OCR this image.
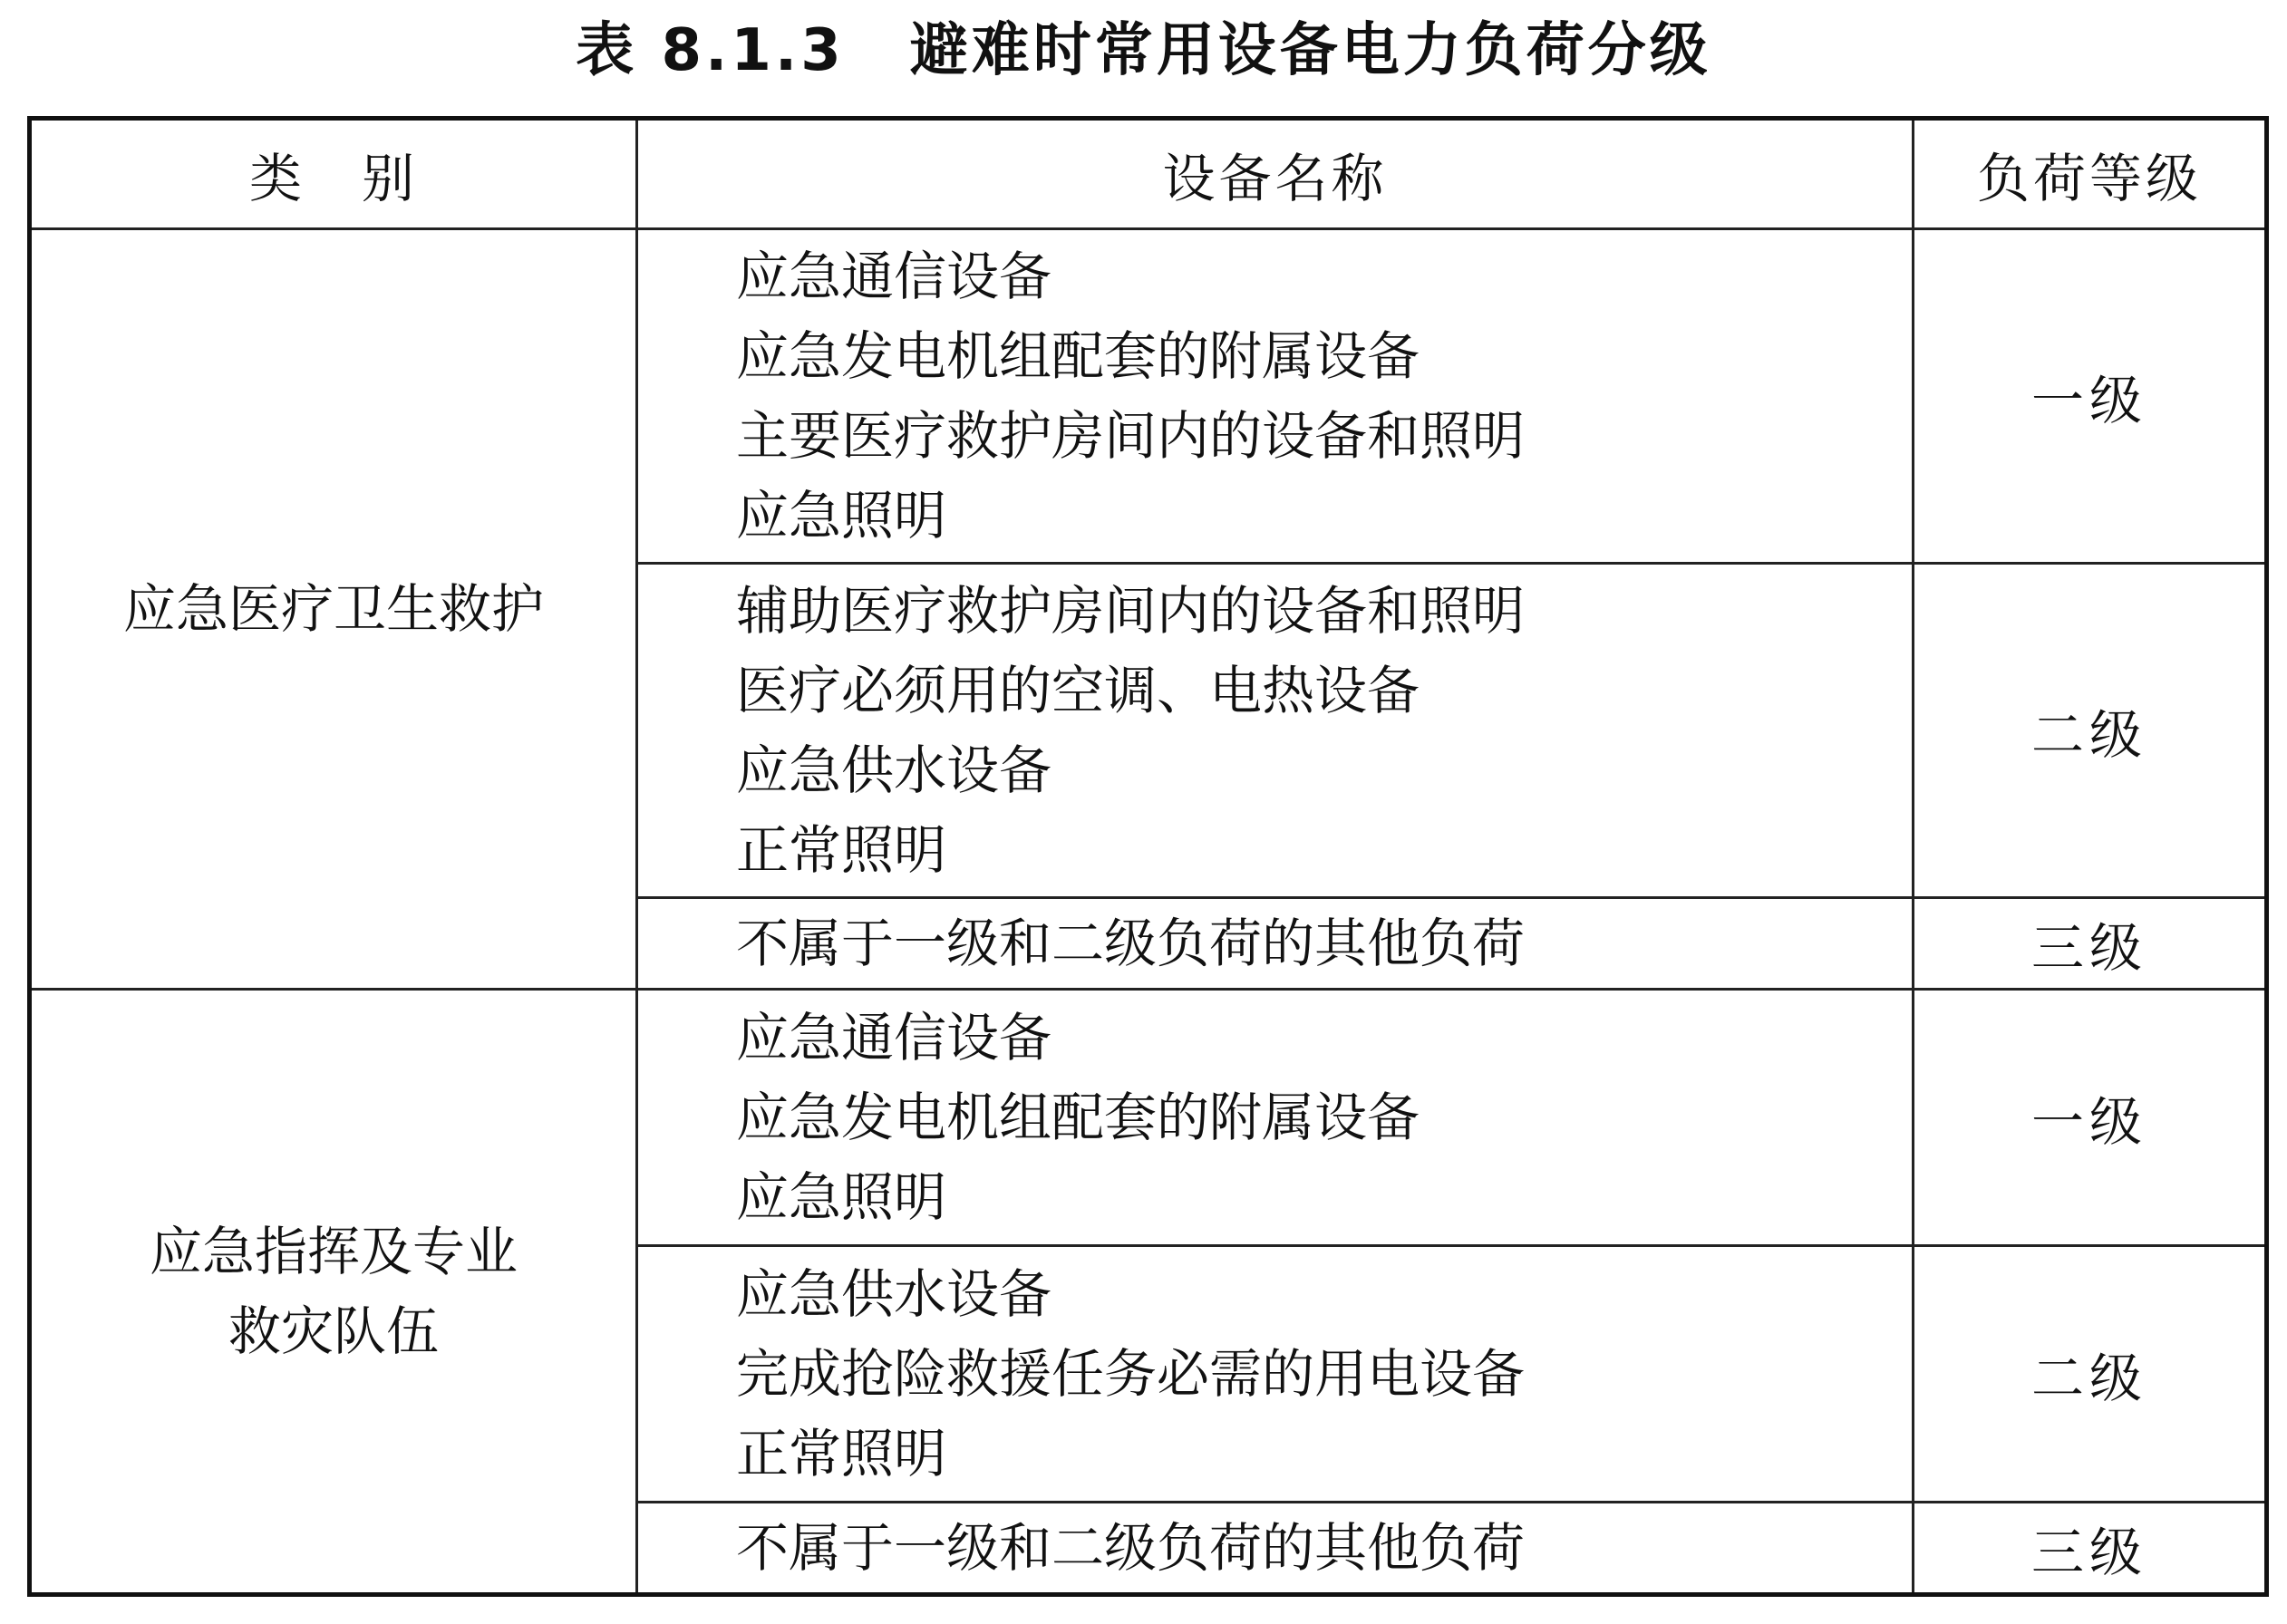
表 8.1.3 避难时常用设备电力负荷分级
类　别	设备名称	负荷等级

应急医疗卫生救护	应急通信设备
应急发电机组配套的附属设备
主要医疗救护房间内的设备和照明
应急照明	一级

	辅助医疗救护房间内的设备和照明
医疗必须用的空调、电热设备
应急供水设备
正常照明	二级

	不属于一级和二级负荷的其他负荷	三级

应急指挥及专业
救灾队伍	应急通信设备
应急发电机组配套的附属设备
应急照明	一级

	应急供水设备
完成抢险救援任务必需的用电设备
正常照明	二级

	不属于一级和二级负荷的其他负荷	三级
